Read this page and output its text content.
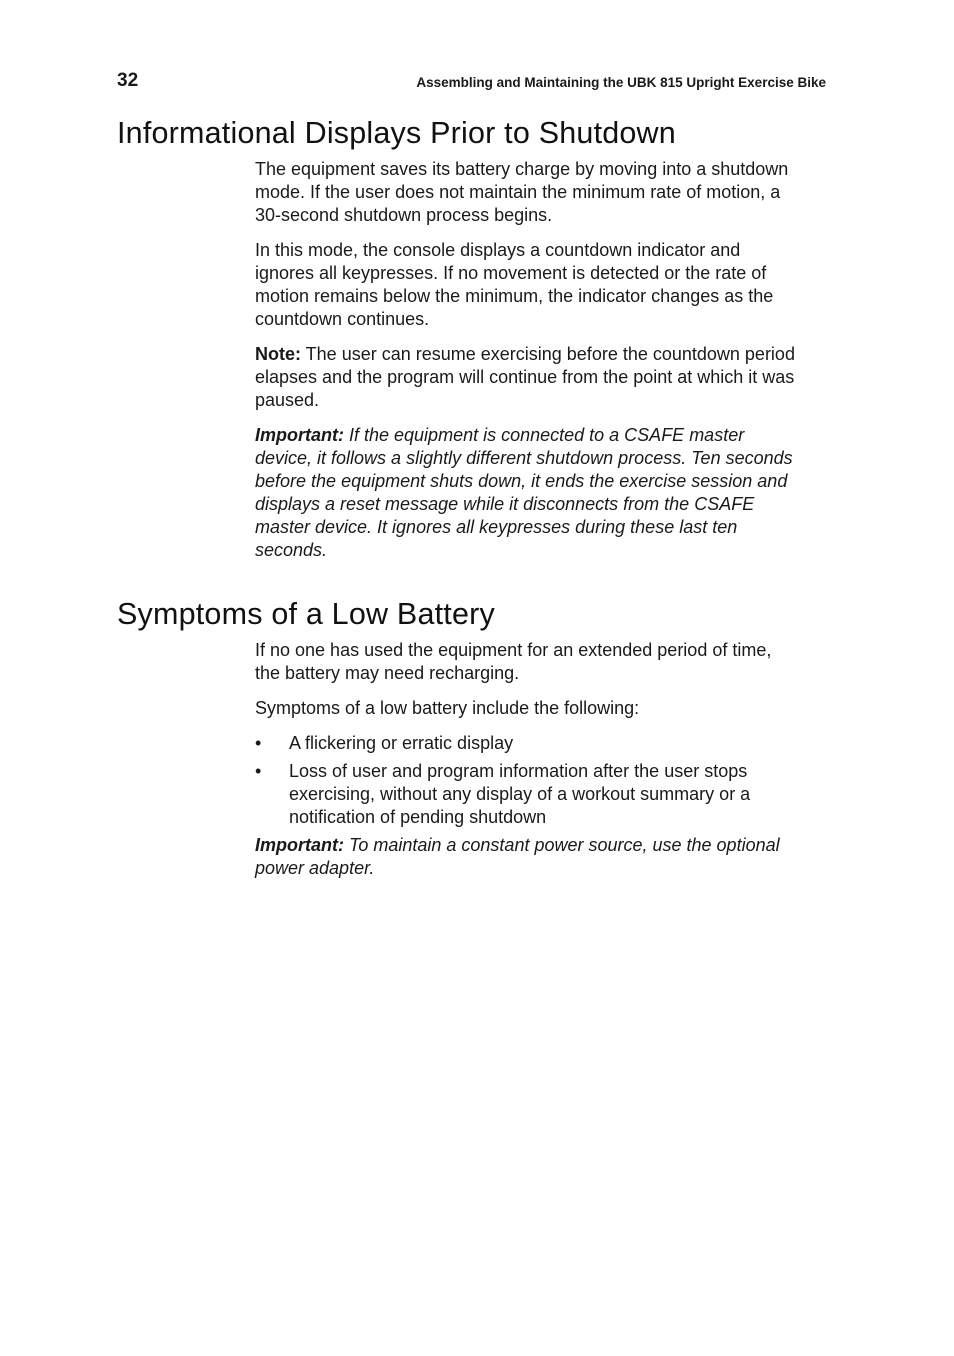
32	Assembling and Maintaining the UBK 815 Upright Exercise Bike
Informational Displays Prior to Shutdown

The equipment saves its battery charge by moving into a shutdown mode. If the user does not maintain the minimum rate of motion, a 30-second shutdown process begins.

In this mode, the console displays a countdown indicator and ignores all keypresses. If no movement is detected or the rate of motion remains below the minimum, the indicator changes as the countdown continues.

Note: The user can resume exercising before the countdown period elapses and the program will continue from the point at which it was paused.

Important: If the equipment is connected to a CSAFE master device, it follows a slightly different shutdown process. Ten seconds before the equipment shuts down, it ends the exercise session and displays a reset message while it disconnects from the CSAFE master device. It ignores all keypresses during these last ten seconds.

Symptoms of a Low Battery

If no one has used the equipment for an extended period of time, the battery may need recharging.

Symptoms of a low battery include the following:

• A flickering or erratic display
• Loss of user and program information after the user stops exercising, without any display of a workout summary or a notification of pending shutdown

Important: To maintain a constant power source, use the optional power adapter.
